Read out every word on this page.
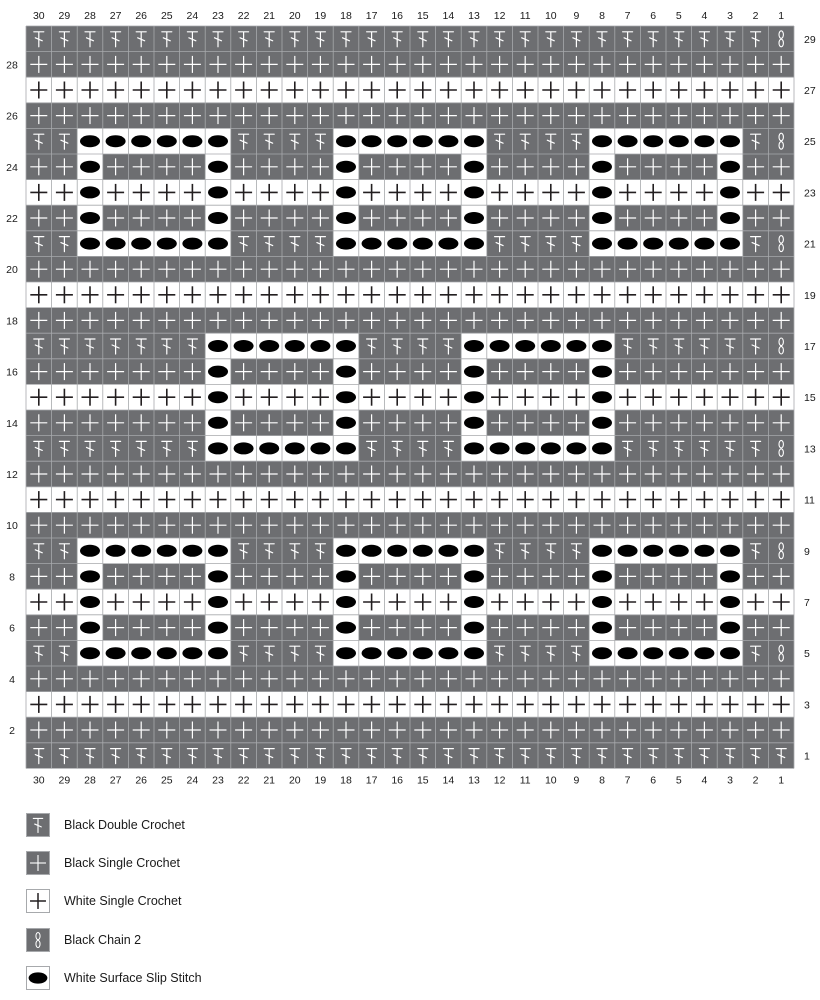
30 29 28 27 26 25 24 23 22 21 20 19 18 17 16 15 14 13 12 11 10 9 8 7 6 5 4 3 2 1
30 29 28 27 26 25 24 23 22 21 20 19 18 17 16 15 14 13 12 11 10 9 8 7 6 5 4 3 2 1
28
26
24
22
20
18
16
14
12
10
8
6
4
2
29
27
25
23
21
19
17
15
13
11
9
7
5
3
1
Black Double Crochet
Black Single Crochet
White Single Crochet
Black Chain 2
White Surface Slip Stitch
